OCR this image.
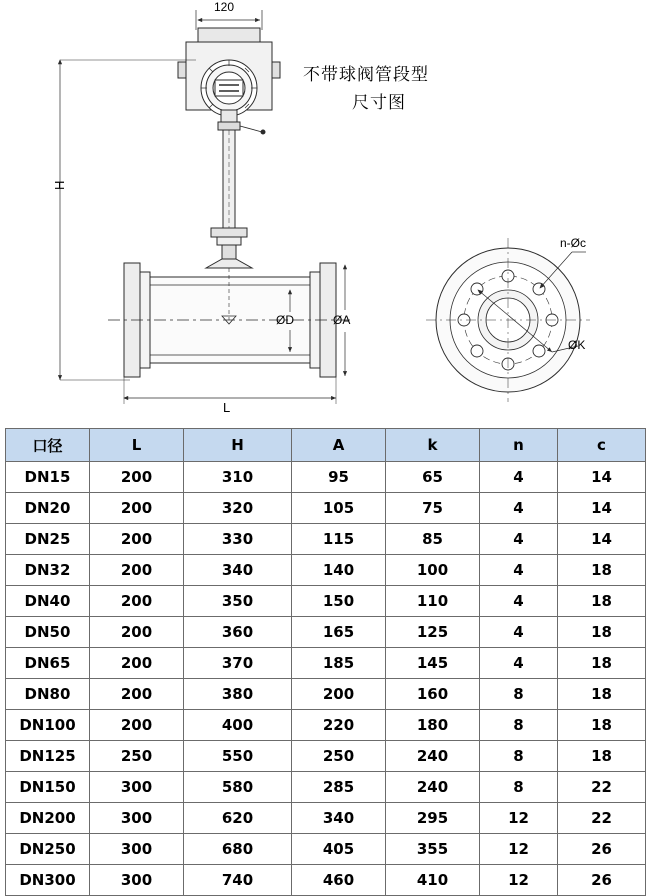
不带球阀管段型
尺寸图
120
H
L
ØD	ØA
n-Øc
ØK
口径	L	H	A	k	n	c
DN15	200	310	95	65	4	14
DN20	200	320	105	75	4	14
DN25	200	330	115	85	4	14
DN32	200	340	140	100	4	18
DN40	200	350	150	110	4	18
DN50	200	360	165	125	4	18
DN65	200	370	185	145	4	18
DN80	200	380	200	160	8	18
DN100	200	400	220	180	8	18
DN125	250	550	250	240	8	18
DN150	300	580	285	240	8	22
DN200	300	620	340	295	12	22
DN250	300	680	405	355	12	26
DN300	300	740	460	410	12	26
